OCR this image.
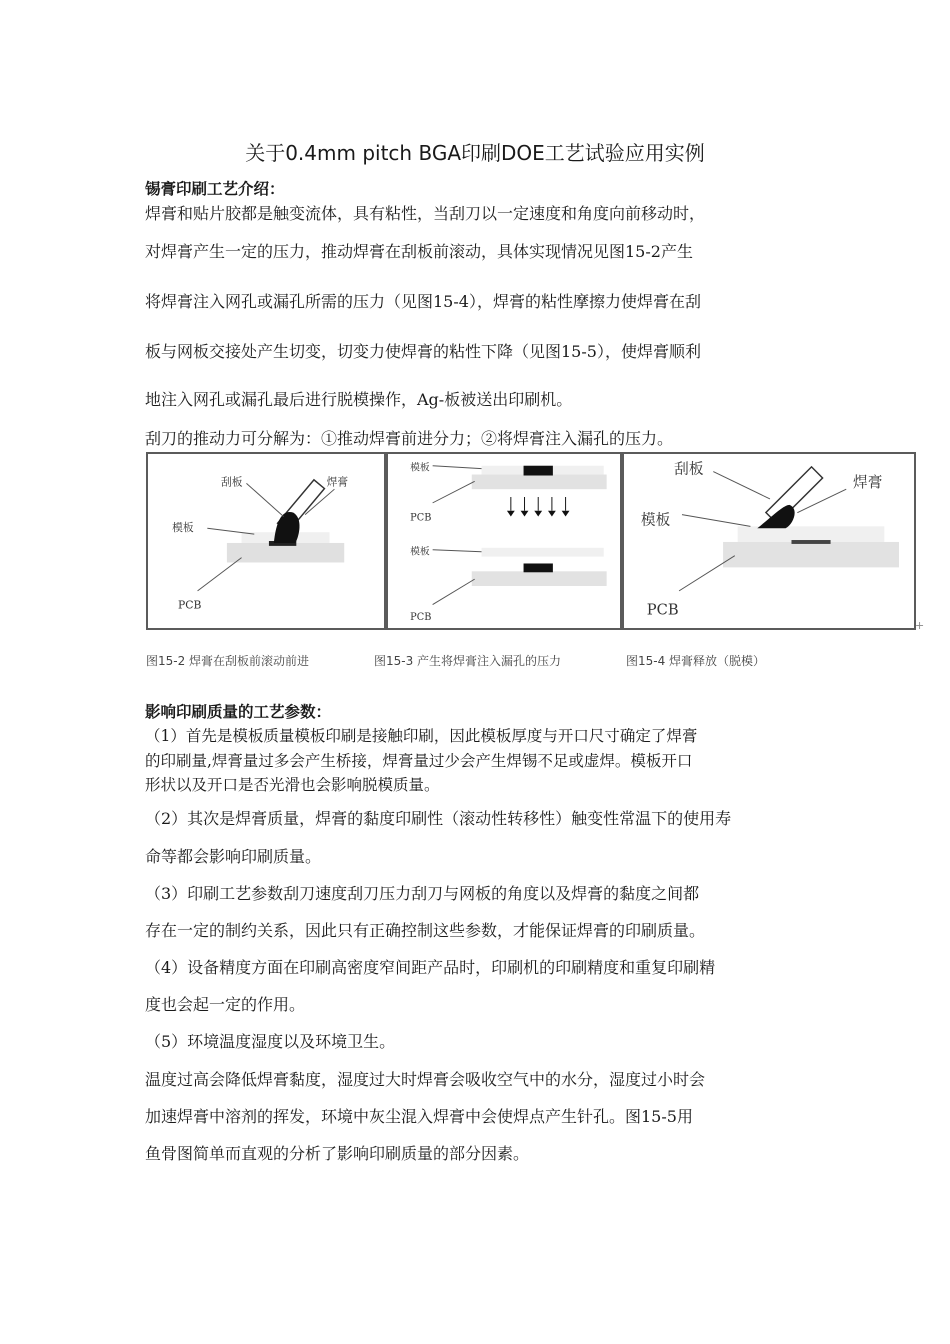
关于0.4mm pitch BGA印刷DOE工艺试验应用实例
锡膏印刷工艺介绍：
焊膏和贴片胶都是触变流体，具有粘性，当刮刀以一定速度和角度向前移动时，
对焊膏产生一定的压力，推动焊膏在刮板前滚动，具体实现情况见图15-2产生
将焊膏注入网孔或漏孔所需的压力（见图15-4），焊膏的粘性摩擦力使焊膏在刮
板与网板交接处产生切变，切变力使焊膏的粘性下降（见图15-5），使焊膏顺利
地注入网孔或漏孔最后进行脱模操作，Ag-板被送出印刷机。
刮刀的推动力可分解为：①推动焊膏前进分力；②将焊膏注入漏孔的压力。
刮板	焊膏
模板
PCB
模板
PCB
模板
PCB
刮板
焊膏
模板
PCB
+
图15-2 焊膏在刮板前滚动前进	图15-3 产生将焊膏注入漏孔的压力	图15-4 焊膏释放（脱模）
影响印刷质量的工艺参数：
（1）首先是模板质量模板印刷是接触印刷，因此模板厚度与开口尺寸确定了焊膏
的印刷量,焊膏量过多会产生桥接，焊膏量过少会产生焊锡不足或虚焊。模板开口
形状以及开口是否光滑也会影响脱模质量。
（2）其次是焊膏质量，焊膏的黏度印刷性（滚动性转移性）触变性常温下的使用寿
命等都会影响印刷质量。
（3）印刷工艺参数刮刀速度刮刀压力刮刀与网板的角度以及焊膏的黏度之间都
存在一定的制约关系，因此只有正确控制这些参数，才能保证焊膏的印刷质量。
（4）设备精度方面在印刷高密度窄间距产品时，印刷机的印刷精度和重复印刷精
度也会起一定的作用。
（5）环境温度湿度以及环境卫生。
温度过高会降低焊膏黏度，湿度过大时焊膏会吸收空气中的水分，湿度过小时会
加速焊膏中溶剂的挥发，环境中灰尘混入焊膏中会使焊点产生针孔。图15-5用
鱼骨图简单而直观的分析了影响印刷质量的部分因素。
